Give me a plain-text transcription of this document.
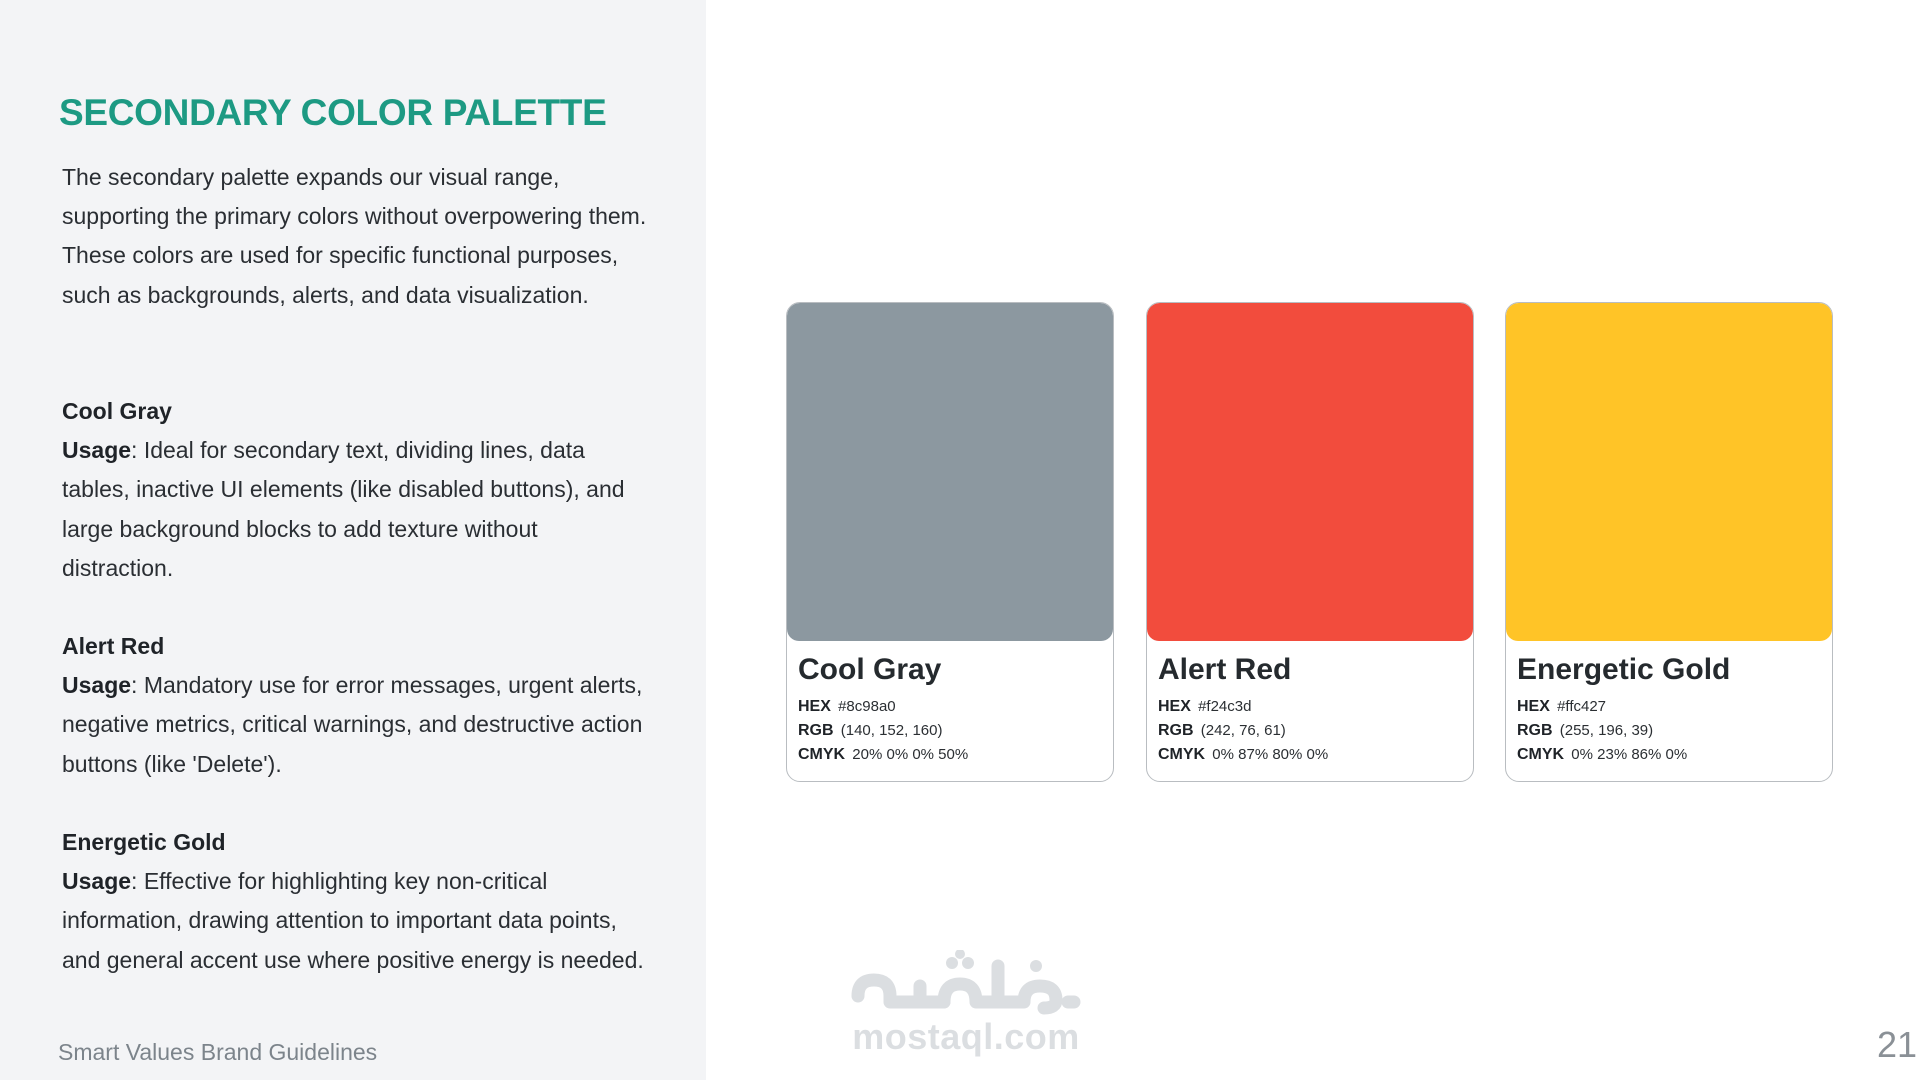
SECONDARY COLOR PALETTE

The secondary palette expands our visual range, supporting the primary colors without overpowering them. These colors are used for specific functional purposes, such as backgrounds, alerts, and data visualization.

Cool Gray
Usage: Ideal for secondary text, dividing lines, data tables, inactive UI elements (like disabled buttons), and large background blocks to add texture without distraction.

Alert Red
Usage: Mandatory use for error messages, urgent alerts, negative metrics, critical warnings, and destructive action buttons (like 'Delete').

Energetic Gold
Usage: Effective for highlighting key non-critical information, drawing attention to important data points, and general accent use where positive energy is needed.

Smart Values Brand Guidelines
Cool Gray
HEX #8c98a0
RGB (140, 152, 160)
CMYK 20% 0% 0% 50%
Alert Red
HEX #f24c3d
RGB (242, 76, 61)
CMYK 0% 87% 80% 0%
Energetic Gold
HEX #ffc427
RGB (255, 196, 39)
CMYK 0% 23% 86% 0%
mostaql.com	21
